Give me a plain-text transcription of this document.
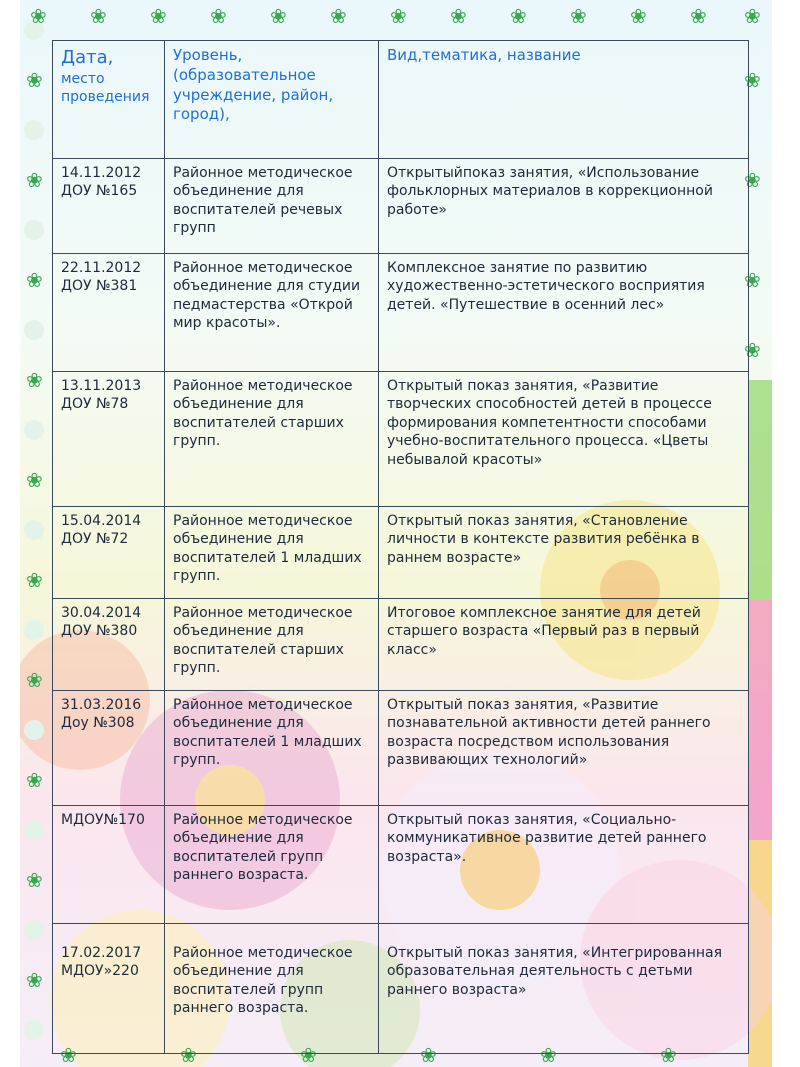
❀ ❀ ❀ ❀ ❀ ❀ ❀ ❀ ❀ ❀ ❀ ❀ ❀
❀
❀
❀
❀
❀
❀
❀
❀
❀
❀
❀
❀
❀
❀
❀	❀	❀	❀	❀	❀
Дата,
место
проведения	Уровень, (образовательное учреждение, район, город),	Вид,тематика, название

14.11.2012
ДОУ №165	Районное методическое объединение для воспитателей речевых групп	Открытыйпоказ занятия, «Использование фольклорных материалов в коррекционной работе»

22.11.2012
ДОУ №381	Районное методическое объединение для студии педмастерства «Открой мир красоты».	Комплексное занятие по развитию художественно-эстетического восприятия детей. «Путешествие в осенний лес»

13.11.2013
ДОУ №78	Районное методическое объединение для воспитателей старших групп.	Открытый показ занятия, «Развитие творческих способностей детей в процессе формирования компетентности способами учебно-воспитательного процесса. «Цветы небывалой красоты»

15.04.2014
ДОУ №72	Районное методическое объединение для воспитателей 1 младших групп.	Открытый показ занятия, «Становление личности в контексте развития ребёнка в раннем возрасте»

30.04.2014
ДОУ №380	Районное методическое объединение для воспитателей старших групп.	Итоговое комплексное занятие для детей старшего возраста «Первый раз в первый класс»

31.03.2016
Доу №308	Районное методическое объединение для воспитателей 1 младших групп.	Открытый показ занятия, «Развитие познавательной активности детей раннего возраста посредством использования развивающих технологий»

МДОУ№170	Районное методическое объединение для воспитателей групп раннего возраста.	Открытый показ занятия, «Социально-коммуникативное развитие детей раннего возраста».

17.02.2017
МДОУ»220	Районное методическое объединение для воспитателей групп раннего возраста.	Открытый показ занятия, «Интегрированная образовательная деятельность с детьми раннего возраста»
